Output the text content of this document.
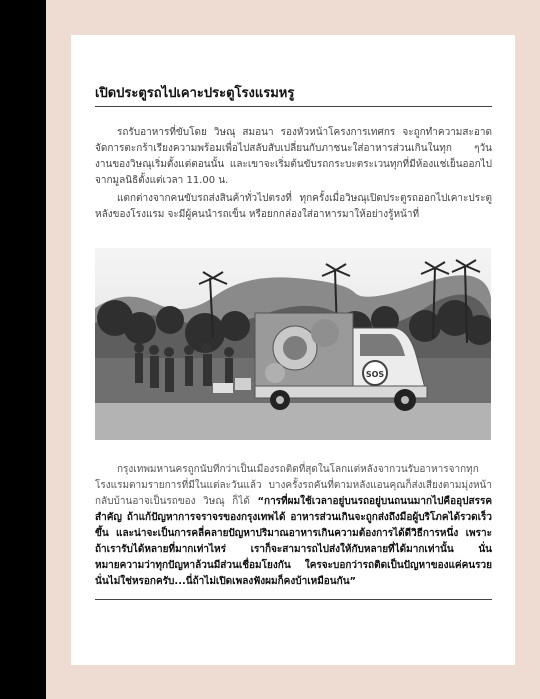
เปิดประตูรถไปเคาะประตูโรงแรมหรู

รถรับอาหารที่ขับโดย วิษณุ สมอนา รองหัวหน้าโครงการเทศกร จะถูกทำความสะอาด จัดการตะกร้าเรียงความพร้อมเพื่อไปสลับสับเปลี่ยนกับภาชนะใส่อาหารส่วนเกินในทุก ๆวัน งานของวิษณุเริ่มตั้งแต่ตอนนั้น และเขาจะเริ่มต้นขับรถกระบะตระเวนทุกที่มีห้องแช่เย็นออกไป จากมูลนิธิตั้งแต่เวลา 11.00 น.

แตกต่างจากคนขับรถส่งสินค้าทั่วไปตรงที่ ทุกครั้งเมื่อวิษณุเปิดประตูรถออกไปเคาะประตูหลังของโรงแรม จะมีผู้คนนำรถเข็น หรือยกกล่องใส่อาหารมาให้อย่างรู้หน้าที่

SOS

กรุงเทพมหานครถูกนับทีกว่าเป็นเมืองรถติดที่สุดในโลกแต่หลังจากวนรับอาหารจากทุกโรงแรมตามรายการที่มีในแต่ละวันแล้ว บางครั้งรถคันที่ตามหลังแอนคุณก็ส่งเสียงตามมุ่งหน้ากลับบ้านอาจเป็นรถของ วิษณุ ก็ได้ “การที่ผมใช้เวลาอยู่บนรถอยู่บนถนนมากไปคืออุปสรรคสำคัญ ถ้าแก้ปัญหาการจราจรของกรุงเทพได้ อาหารส่วนเกินจะถูกส่งถึงมือผู้บริโภคได้รวดเร็วขึ้น และน่าจะเป็นการคลี่คลายปัญหาปริมาณอาหารเกินความต้องการได้ดีวิธีการหนึ่ง เพราะถ้าเรารับได้หลายที่มากเท่าไหร่ เราก็จะสามารถไปส่งให้กับหลายที่ได้มากเท่านั้น นั่นหมายความว่าทุกปัญหาล้วนมีส่วนเชื่อมโยงกัน ใครจะบอกว่ารถติดเป็นปัญหาของแค่คนรวย นั่นไม่ใช่หรอกครับ...นี่ถ้าไม่เปิดเพลงฟังผมก็คงบ้าเหมือนกัน”
